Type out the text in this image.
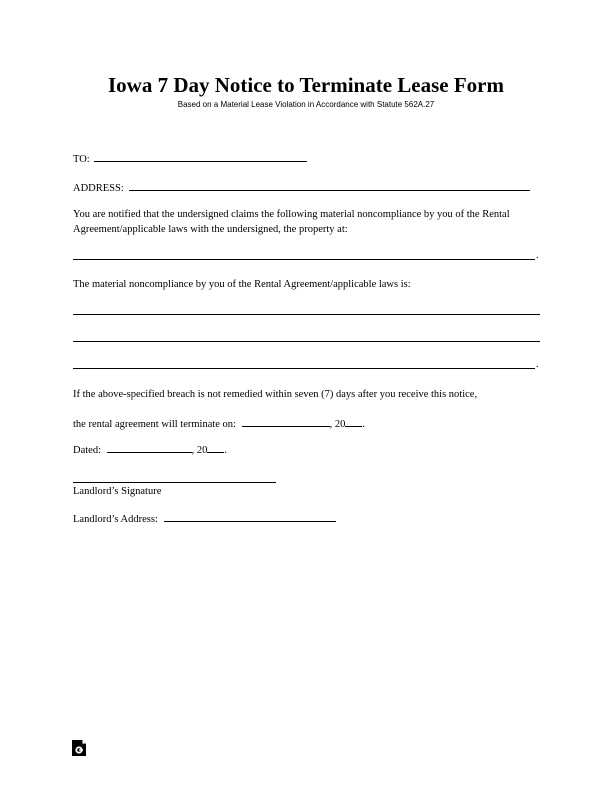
Iowa 7 Day Notice to Terminate Lease Form
Based on a Material Lease Violation in Accordance with Statute 562A.27
TO:
ADDRESS:
You are notified that the undersigned claims the following material noncompliance by you of the Rental Agreement/applicable laws with the undersigned, the property at:
.
The material noncompliance by you of the Rental Agreement/applicable laws is:
.
If the above-specified breach is not remedied within seven (7) days after you receive this notice,
the rental agreement will terminate on:	, 20 .
Dated:	, 20 .
Landlord’s Signature
Landlord’s Address:
